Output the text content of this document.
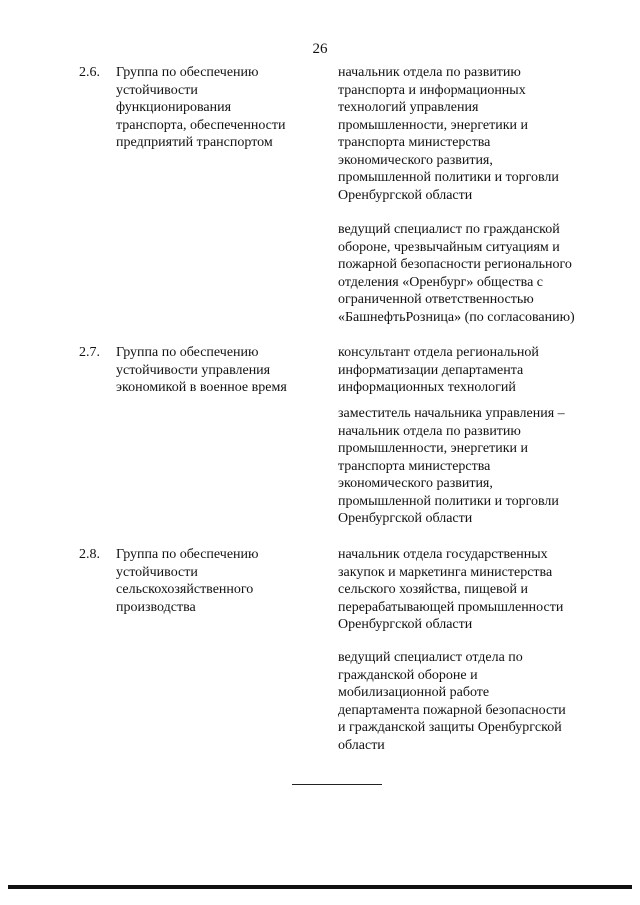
26
2.6. Группа по обеспечению
устойчивости
функционирования
транспорта, обеспеченности
предприятий транспортом
начальник отдела по развитию
транспорта и информационных
технологий управления
промышленности, энергетики и
транспорта министерства
экономического развития,
промышленной политики и торговли
Оренбургской области
ведущий специалист по гражданской
обороне, чрезвычайным ситуациям и
пожарной безопасности регионального
отделения «Оренбург» общества с
ограниченной ответственностью
«БашнефтьРозница» (по согласованию)
2.7. Группа по обеспечению
устойчивости управления
экономикой в военное время
консультант отдела региональной
информатизации департамента
информационных технологий
заместитель начальника управления –
начальник отдела по развитию
промышленности, энергетики и
транспорта министерства
экономического развития,
промышленной политики и торговли
Оренбургской области
2.8. Группа по обеспечению
устойчивости
сельскохозяйственного
производства
начальник отдела государственных
закупок и маркетинга министерства
сельского хозяйства, пищевой и
перерабатывающей промышленности
Оренбургской области
ведущий специалист отдела по
гражданской обороне и
мобилизационной работе
департамента пожарной безопасности
и гражданской защиты Оренбургской
области
